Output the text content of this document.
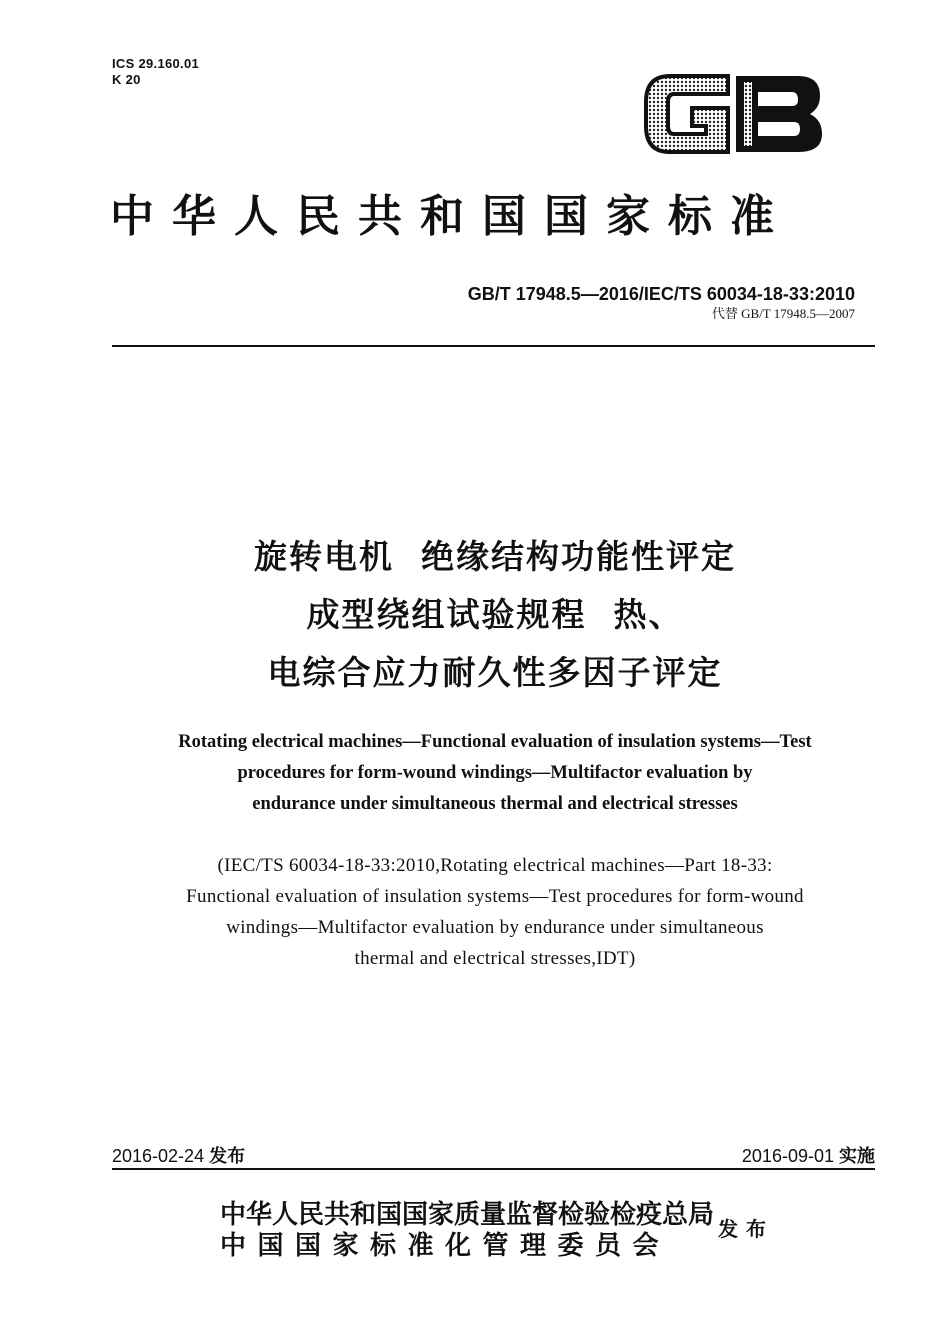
ICS 29.160.01
K 20
中华人民共和国国家标准
GB/T 17948.5—2016/IEC/TS 60034-18-33:2010
代替 GB/T 17948.5—2007
旋转电机  绝缘结构功能性评定
成型绕组试验规程  热、
电综合应力耐久性多因子评定
Rotating electrical machines—Functional evaluation of insulation systems—Test
procedures for form-wound windings—Multifactor evaluation by
endurance under simultaneous thermal and electrical stresses
(IEC/TS 60034-18-33:2010,Rotating electrical machines—Part 18-33:
Functional evaluation of insulation systems—Test procedures for form-wound
windings—Multifactor evaluation by endurance under simultaneous
thermal and electrical stresses,IDT)
2016-02-24 发布	2016-09-01 实施
中华人民共和国国家质量监督检验检疫总局
中国国家标准化管理委员会
发布
